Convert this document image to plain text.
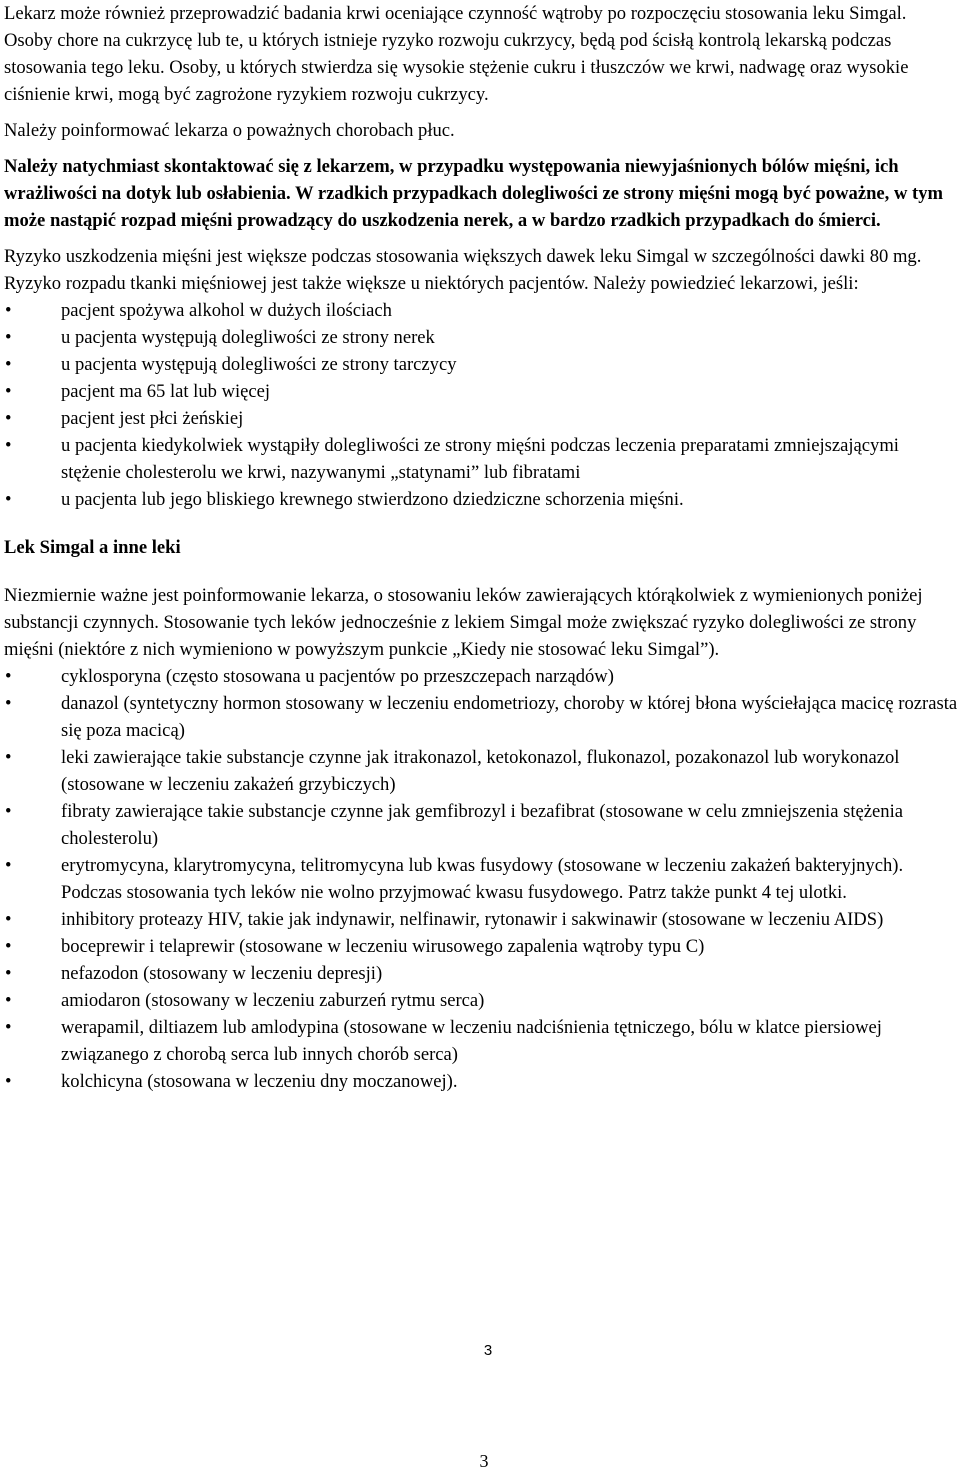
Lekarz może również przeprowadzić badania krwi oceniające czynność wątroby po rozpoczęciu stosowania leku Simgal.

Osoby chore na cukrzycę lub te, u których istnieje ryzyko rozwoju cukrzycy, będą pod ścisłą kontrolą lekarską podczas stosowania tego leku. Osoby, u których stwierdza się wysokie stężenie cukru i tłuszczów we krwi, nadwagę oraz wysokie ciśnienie krwi, mogą być zagrożone ryzykiem rozwoju cukrzycy.

Należy poinformować lekarza o poważnych chorobach płuc.

Należy natychmiast skontaktować się z lekarzem, w przypadku występowania niewyjaśnionych bólów mięśni, ich wrażliwości na dotyk lub osłabienia. W rzadkich przypadkach dolegliwości ze strony mięśni mogą być poważne, w tym może nastąpić rozpad mięśni prowadzący do uszkodzenia nerek, a w bardzo rzadkich przypadkach do śmierci.

Ryzyko uszkodzenia mięśni jest większe podczas stosowania większych dawek leku Simgal w szczególności dawki 80 mg. Ryzyko rozpadu tkanki mięśniowej jest także większe u niektórych pacjentów. Należy powiedzieć lekarzowi, jeśli:

•	pacjent spożywa alkohol w dużych ilościach
•	u pacjenta występują dolegliwości ze strony nerek
•	u pacjenta występują dolegliwości ze strony tarczycy
•	pacjent ma 65 lat lub więcej
•	pacjent jest płci żeńskiej
•	u pacjenta kiedykolwiek wystąpiły dolegliwości ze strony mięśni podczas leczenia preparatami zmniejszającymi stężenie cholesterolu we krwi, nazywanymi „statynami” lub fibratami
•	u pacjenta lub jego bliskiego krewnego stwierdzono dziedziczne schorzenia mięśni.
Lek Simgal a inne leki

Niezmiernie ważne jest poinformowanie lekarza, o stosowaniu leków zawierających którąkolwiek z wymienionych poniżej substancji czynnych. Stosowanie tych leków jednocześnie z lekiem Simgal może zwiększać ryzyko dolegliwości ze strony mięśni (niektóre z nich wymieniono w powyższym punkcie „Kiedy nie stosować leku Simgal”).

•	cyklosporyna (często stosowana u pacjentów po przeszczepach narządów)
•	danazol (syntetyczny hormon stosowany w leczeniu endometriozy, choroby w której błona wyściełająca macicę rozrasta się poza macicą)
•	leki zawierające takie substancje czynne jak itrakonazol, ketokonazol, flukonazol, pozakonazol lub worykonazol (stosowane w leczeniu zakażeń grzybiczych)
•	fibraty zawierające takie substancje czynne jak gemfibrozyl i bezafibrat (stosowane w celu zmniejszenia stężenia cholesterolu)
•	erytromycyna, klarytromycyna, telitromycyna lub kwas fusydowy (stosowane w leczeniu zakażeń bakteryjnych). Podczas stosowania tych leków nie wolno przyjmować kwasu fusydowego. Patrz także punkt 4 tej ulotki.
•	inhibitory proteazy HIV, takie jak indynawir, nelfinawir, rytonawir i sakwinawir (stosowane w leczeniu AIDS)
•	boceprewir i telaprewir (stosowane w leczeniu wirusowego zapalenia wątroby typu C)
•	nefazodon (stosowany w leczeniu depresji)
•	amiodaron (stosowany w leczeniu zaburzeń rytmu serca)
•	werapamil, diltiazem lub amlodypina (stosowane w leczeniu nadciśnienia tętniczego, bólu w klatce piersiowej związanego z chorobą serca lub innych chorób serca)
•	kolchicyna (stosowana w leczeniu dny moczanowej).
3
3
